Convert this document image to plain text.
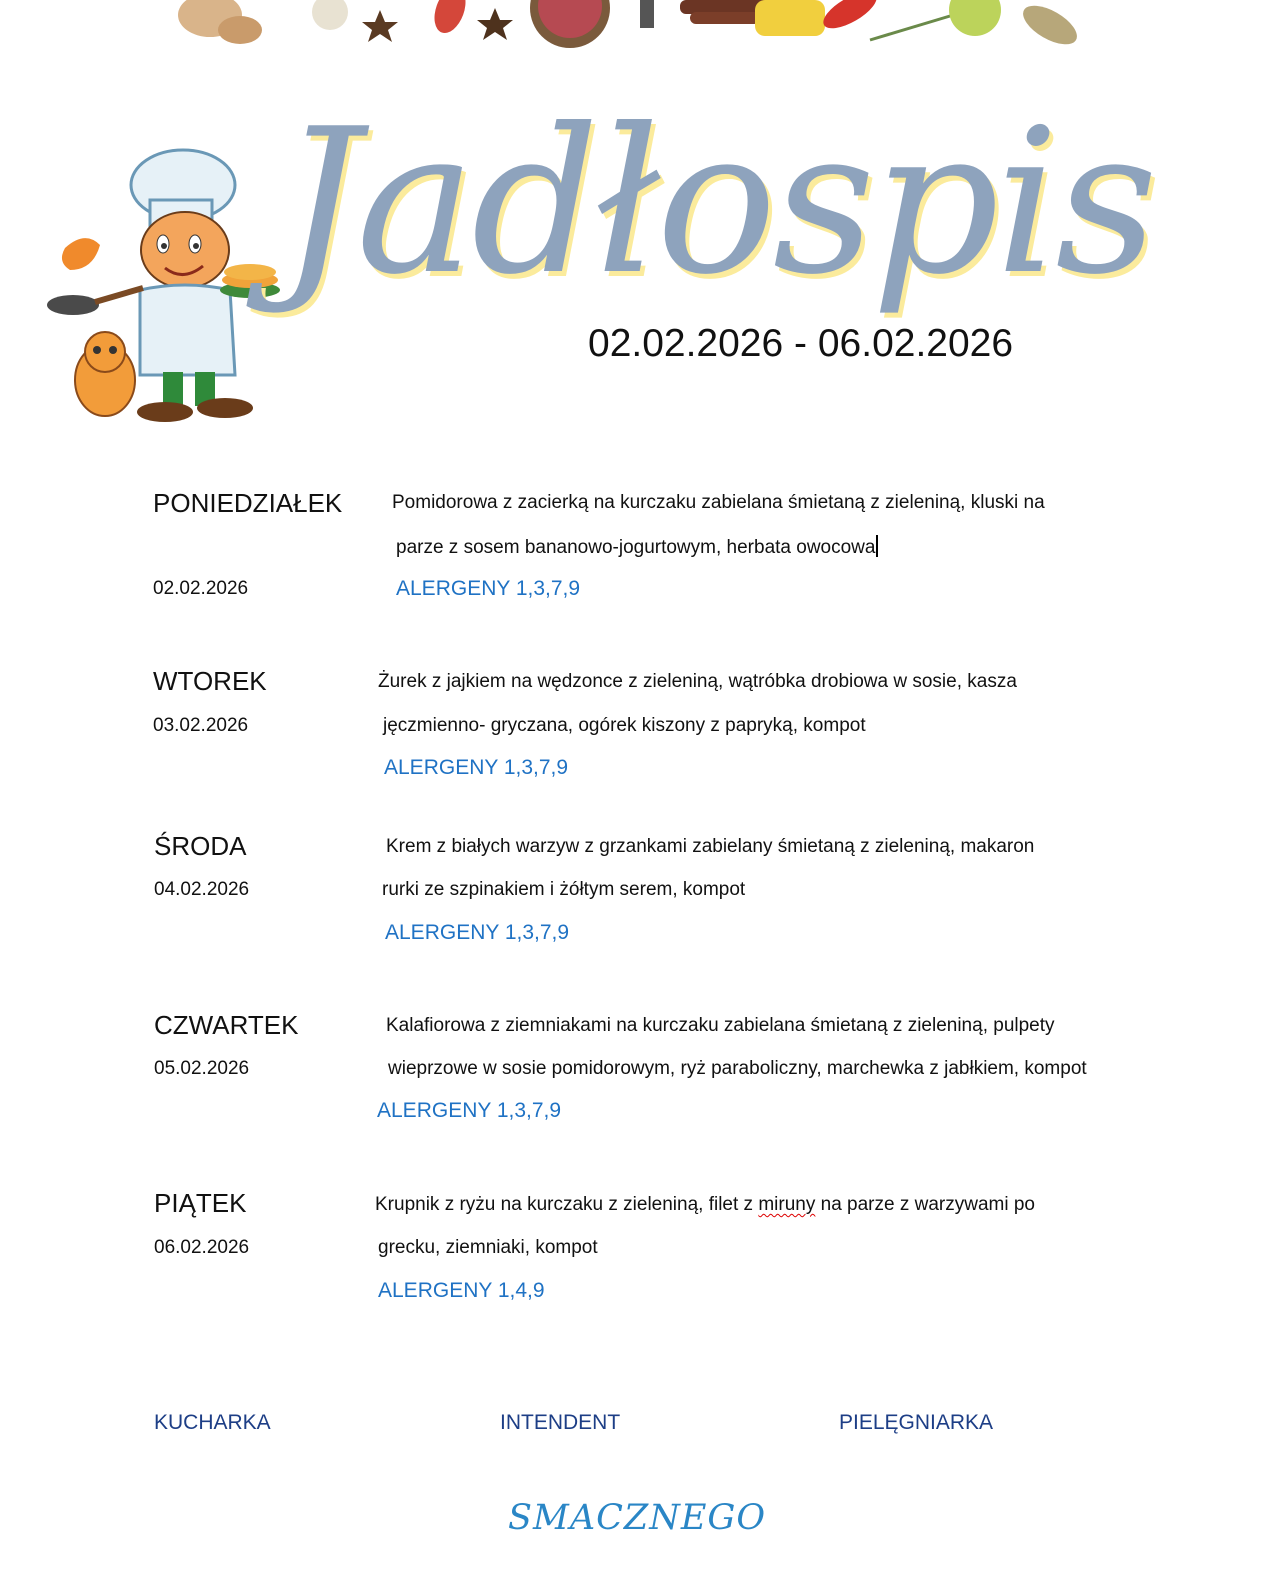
Jadłospis
02.02.2026 - 06.02.2026
PONIEDZIAŁEK	Pomidorowa z zacierką na kurczaku zabielana śmietaną z zieleniną, kluski na
parze z sosem bananowo-jogurtowym, herbata owocowa
02.02.2026	ALERGENY 1,3,7,9
WTOREK	Żurek z jajkiem na wędzonce z zieleniną, wątróbka drobiowa w sosie, kasza
03.02.2026	jęczmienno- gryczana, ogórek kiszony z papryką, kompot
ALERGENY 1,3,7,9
ŚRODA	Krem z białych warzyw z grzankami zabielany śmietaną z zieleniną, makaron
04.02.2026	rurki ze szpinakiem i żółtym serem, kompot
ALERGENY 1,3,7,9
CZWARTEK	Kalafiorowa z ziemniakami na kurczaku zabielana śmietaną z zieleniną, pulpety
05.02.2026	wieprzowe w sosie pomidorowym, ryż paraboliczny, marchewka z jabłkiem, kompot
ALERGENY 1,3,7,9
PIĄTEK	Krupnik z ryżu na kurczaku z zieleniną, filet z miruny na parze z warzywami po
06.02.2026	grecku, ziemniaki, kompot
ALERGENY 1,4,9
KUCHARKA	INTENDENT	PIELĘGNIARKA
SMACZNEGO
